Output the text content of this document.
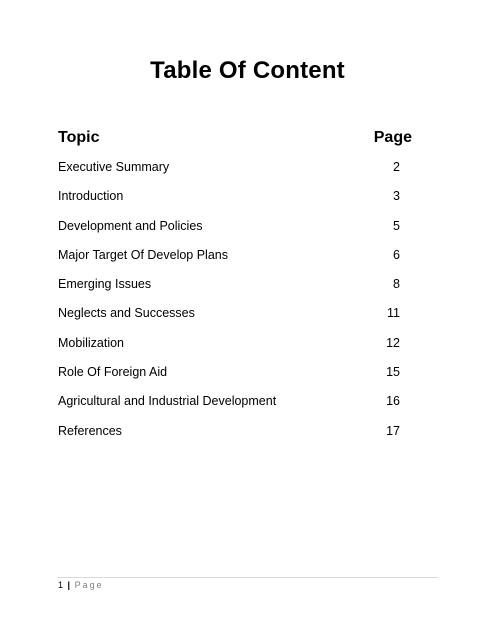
Table Of Content
Topic	Page
Executive Summary	2
Introduction	3
Development and Policies	5
Major Target Of Develop Plans	6
Emerging Issues	8
Neglects and Successes	11
Mobilization	12
Role Of Foreign Aid	15
Agricultural and Industrial Development	16
References	17
1 | Page
